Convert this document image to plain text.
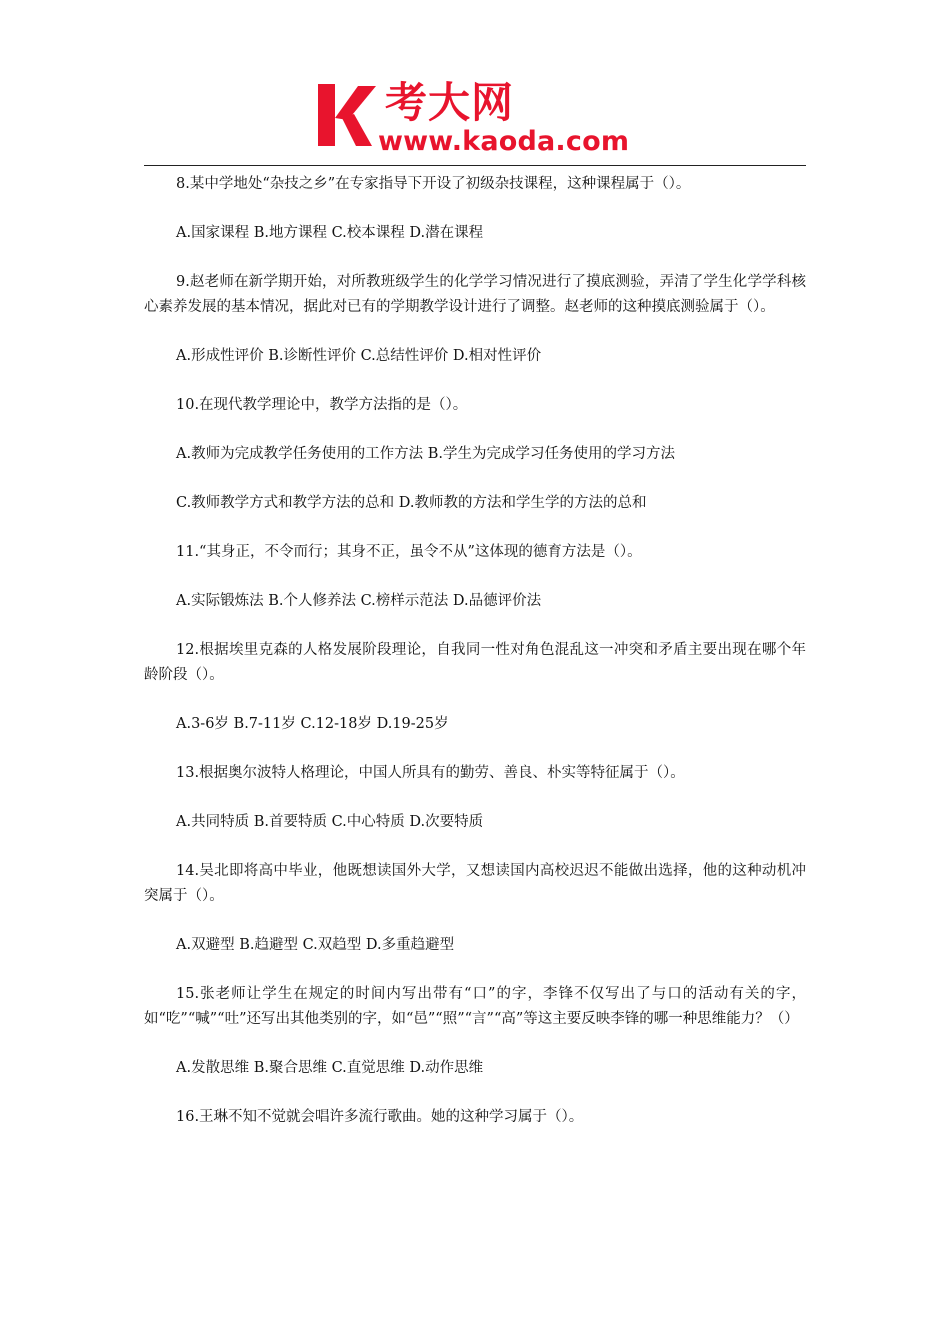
考大网
www.kaoda.com

8.某中学地处“杂技之乡”在专家指导下开设了初级杂技课程，这种课程属于（）。

A.国家课程 B.地方课程 C.校本课程 D.潜在课程

9.赵老师在新学期开始，对所教班级学生的化学学习情况进行了摸底测验，弄清了学生化学学科核心素养发展的基本情况，据此对已有的学期教学设计进行了调整。赵老师的这种摸底测验属于（）。

A.形成性评价 B.诊断性评价 C.总结性评价 D.相对性评价

10.在现代教学理论中，教学方法指的是（）。

A.教师为完成教学任务使用的工作方法 B.学生为完成学习任务使用的学习方法

C.教师教学方式和教学方法的总和 D.教师教的方法和学生学的方法的总和

11.“其身正，不令而行；其身不正，虽令不从”这体现的德育方法是（）。

A.实际锻炼法 B.个人修养法 C.榜样示范法 D.品德评价法

12.根据埃里克森的人格发展阶段理论，自我同一性对角色混乱这一冲突和矛盾主要出现在哪个年龄阶段（）。

A.3-6岁 B.7-11岁 C.12-18岁 D.19-25岁

13.根据奥尔波特人格理论，中国人所具有的勤劳、善良、朴实等特征属于（）。

A.共同特质 B.首要特质 C.中心特质 D.次要特质

14.吴北即将高中毕业，他既想读国外大学，又想读国内高校迟迟不能做出选择，他的这种动机冲突属于（）。

A.双避型 B.趋避型 C.双趋型 D.多重趋避型

15.张老师让学生在规定的时间内写出带有“口”的字，李锋不仅写出了与口的活动有关的字，如“吃”“喊”“吐”还写出其他类别的字，如“邑”“照”“言”“高”等这主要反映李锋的哪一种思维能力？（）

A.发散思维 B.聚合思维 C.直觉思维 D.动作思维

16.王琳不知不觉就会唱许多流行歌曲。她的这种学习属于（）。
